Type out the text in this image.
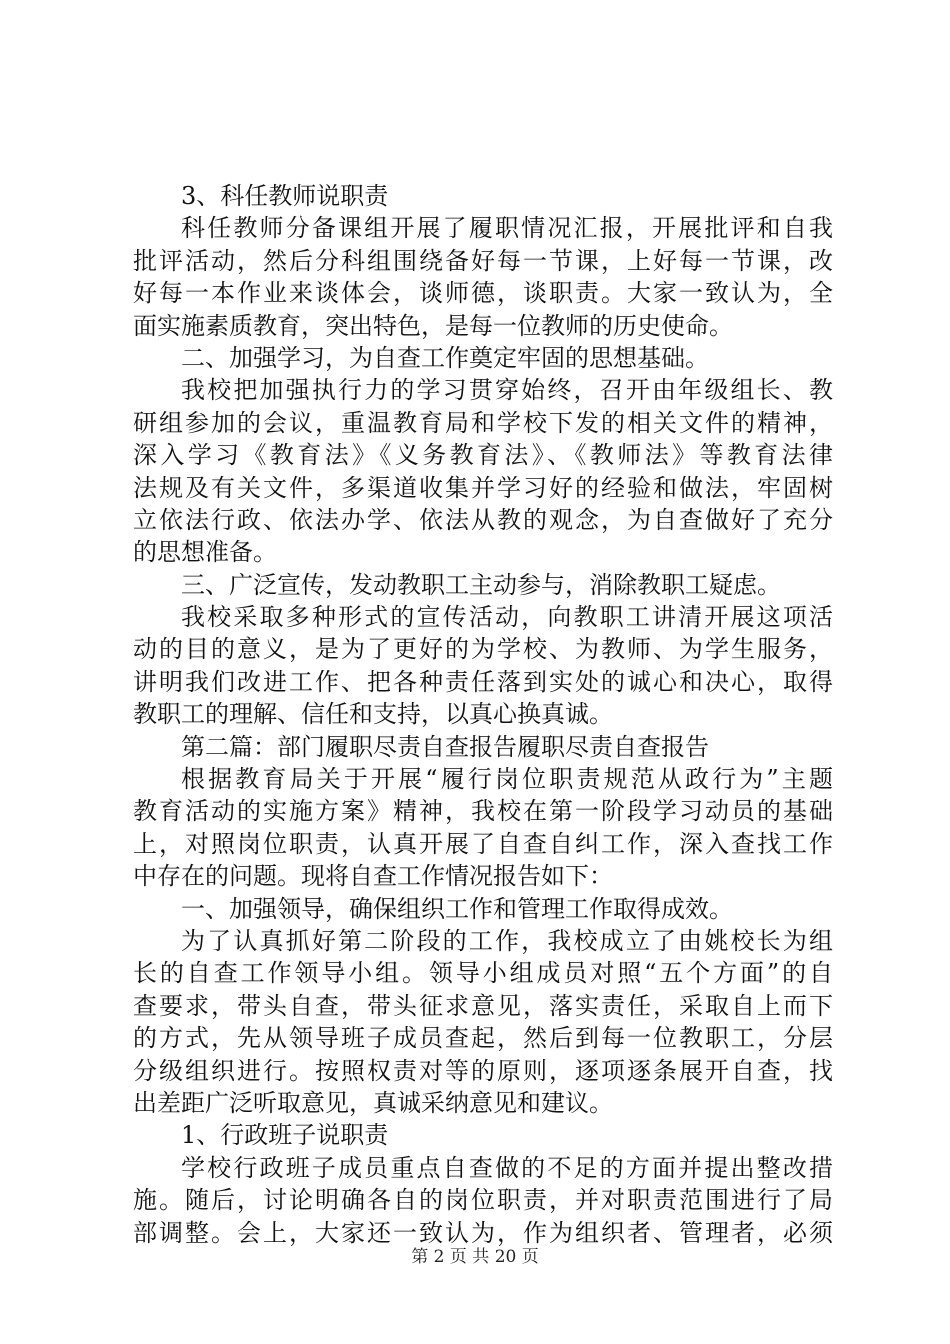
3、科任教师说职责
科任教师分备课组开展了履职情况汇报，开展批评和自我
批评活动，然后分科组围绕备好每一节课，上好每一节课，改
好每一本作业来谈体会，谈师德，谈职责。大家一致认为，全
面实施素质教育，突出特色，是每一位教师的历史使命。
二、加强学习，为自查工作奠定牢固的思想基础。
我校把加强执行力的学习贯穿始终，召开由年级组长、教
研组参加的会议，重温教育局和学校下发的相关文件的精神，
深入学习《教育法》《义务教育法》、《教师法》等教育法律
法规及有关文件，多渠道收集并学习好的经验和做法，牢固树
立依法行政、依法办学、依法从教的观念，为自查做好了充分
的思想准备。
三、广泛宣传，发动教职工主动参与，消除教职工疑虑。
我校采取多种形式的宣传活动，向教职工讲清开展这项活
动的目的意义，是为了更好的为学校、为教师、为学生服务，
讲明我们改进工作、把各种责任落到实处的诚心和决心，取得
教职工的理解、信任和支持，以真心换真诚。
第二篇：部门履职尽责自查报告履职尽责自查报告
根据教育局关于开展“履行岗位职责规范从政行为”主题
教育活动的实施方案》精神，我校在第一阶段学习动员的基础
上，对照岗位职责，认真开展了自查自纠工作，深入查找工作
中存在的问题。现将自查工作情况报告如下：
一、加强领导，确保组织工作和管理工作取得成效。
为了认真抓好第二阶段的工作，我校成立了由姚校长为组
长的自查工作领导小组。领导小组成员对照“五个方面”的自
查要求，带头自查，带头征求意见，落实责任，采取自上而下
的方式，先从领导班子成员查起，然后到每一位教职工，分层
分级组织进行。按照权责对等的原则，逐项逐条展开自查，找
出差距广泛听取意见，真诚采纳意见和建议。
1、行政班子说职责
学校行政班子成员重点自查做的不足的方面并提出整改措
施。随后，讨论明确各自的岗位职责，并对职责范围进行了局
部调整。会上，大家还一致认为，作为组织者、管理者，必须
第 2 页 共 20 页
